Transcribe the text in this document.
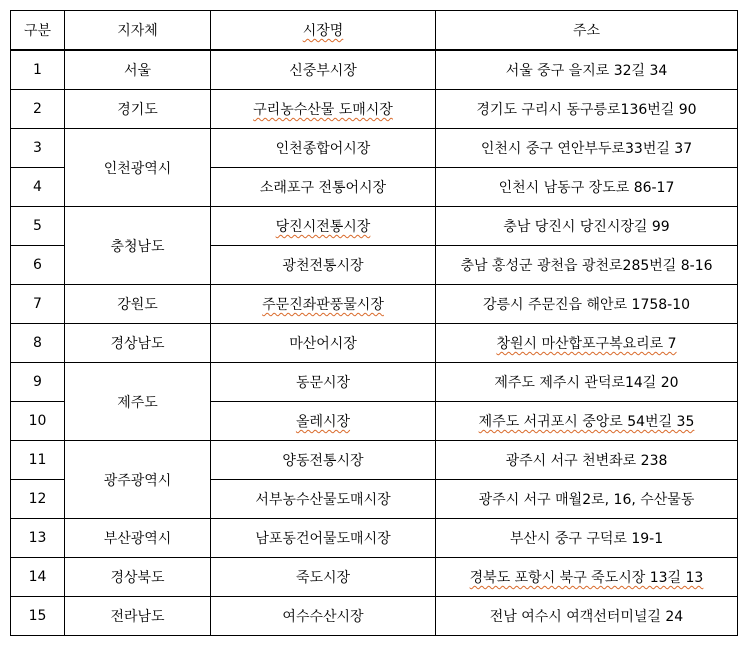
구분	지자체	시장명	주소
1	서울	신중부시장	서울 중구 을지로 32길 34
2	경기도	구리농수산물 도매시장	경기도 구리시 동구릉로136번길 90
3	인천광역시	인천종합어시장	인천시 중구 연안부두로33번길 37
4		소래포구 전통어시장	인천시 남동구 장도로 86-17
5	충청남도	당진시전통시장	충남 당진시 당진시장길 99
6		광천전통시장	충남 홍성군 광천읍 광천로285번길 8-16
7	강원도	주문진좌판풍물시장	강릉시 주문진읍 해안로 1758-10
8	경상남도	마산어시장	창원시 마산합포구복요리로 7
9	제주도	동문시장	제주도 제주시 관덕로14길 20
10		올레시장	제주도 서귀포시 중앙로 54번길 35
11	광주광역시	양동전통시장	광주시 서구 천변좌로 238
12		서부농수산물도매시장	광주시 서구 매월2로, 16, 수산물동
13	부산광역시	남포동건어물도매시장	부산시 중구 구덕로 19-1
14	경상북도	죽도시장	경북도 포항시 북구 죽도시장 13길 13
15	전라남도	여수수산시장	전남 여수시 여객선터미널길 24
